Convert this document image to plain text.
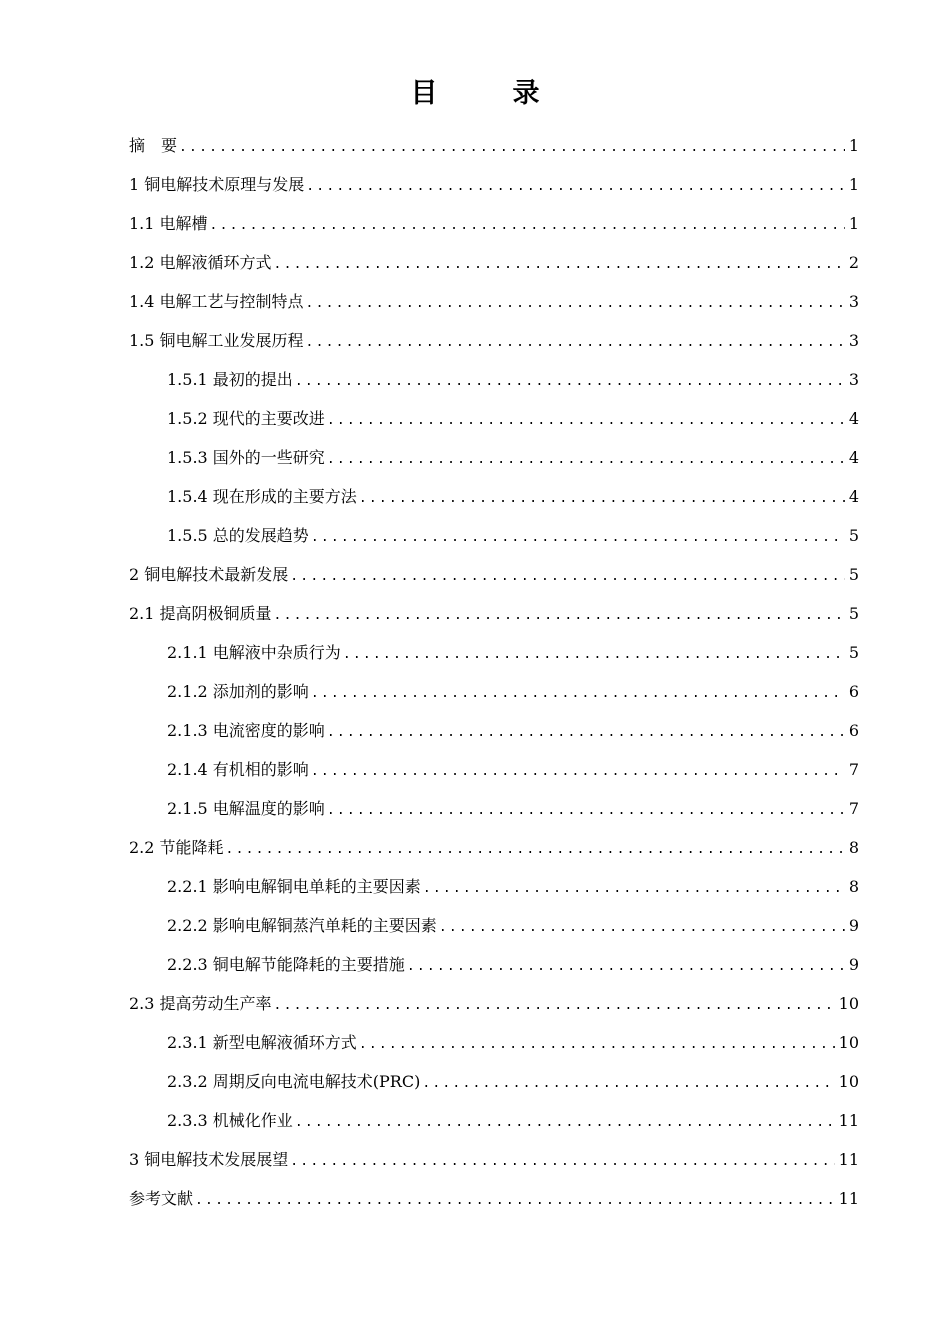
目　录
摘　要 .....	1
1 铜电解技术原理与发展 .....	1
1.1 电解槽 .....	1
1.2 电解液循环方式 .....	2
1.4 电解工艺与控制特点 .....	3
1.5 铜电解工业发展历程 .....	3
1.5.1 最初的提出 .....	3
1.5.2 现代的主要改进 .....	4
1.5.3 国外的一些研究 .....	4
1.5.4 现在形成的主要方法 .....	4
1.5.5 总的发展趋势 .....	5
2 铜电解技术最新发展 .....	5
2.1 提高阴极铜质量 .....	5
2.1.1 电解液中杂质行为 .....	5
2.1.2 添加剂的影响 .....	6
2.1.3 电流密度的影响 .....	6
2.1.4 有机相的影响 .....	7
2.1.5 电解温度的影响 .....	7
2.2 节能降耗 .....	8
2.2.1 影响电解铜电单耗的主要因素 .....	8
2.2.2 影响电解铜蒸汽单耗的主要因素 .....	9
2.2.3 铜电解节能降耗的主要措施 .....	9
2.3 提高劳动生产率 .....	10
2.3.1 新型电解液循环方式 .....	10
2.3.2 周期反向电流电解技术(PRC) .....	10
2.3.3 机械化作业 .....	11
3 铜电解技术发展展望 .....	11
参考文献 .....	11
